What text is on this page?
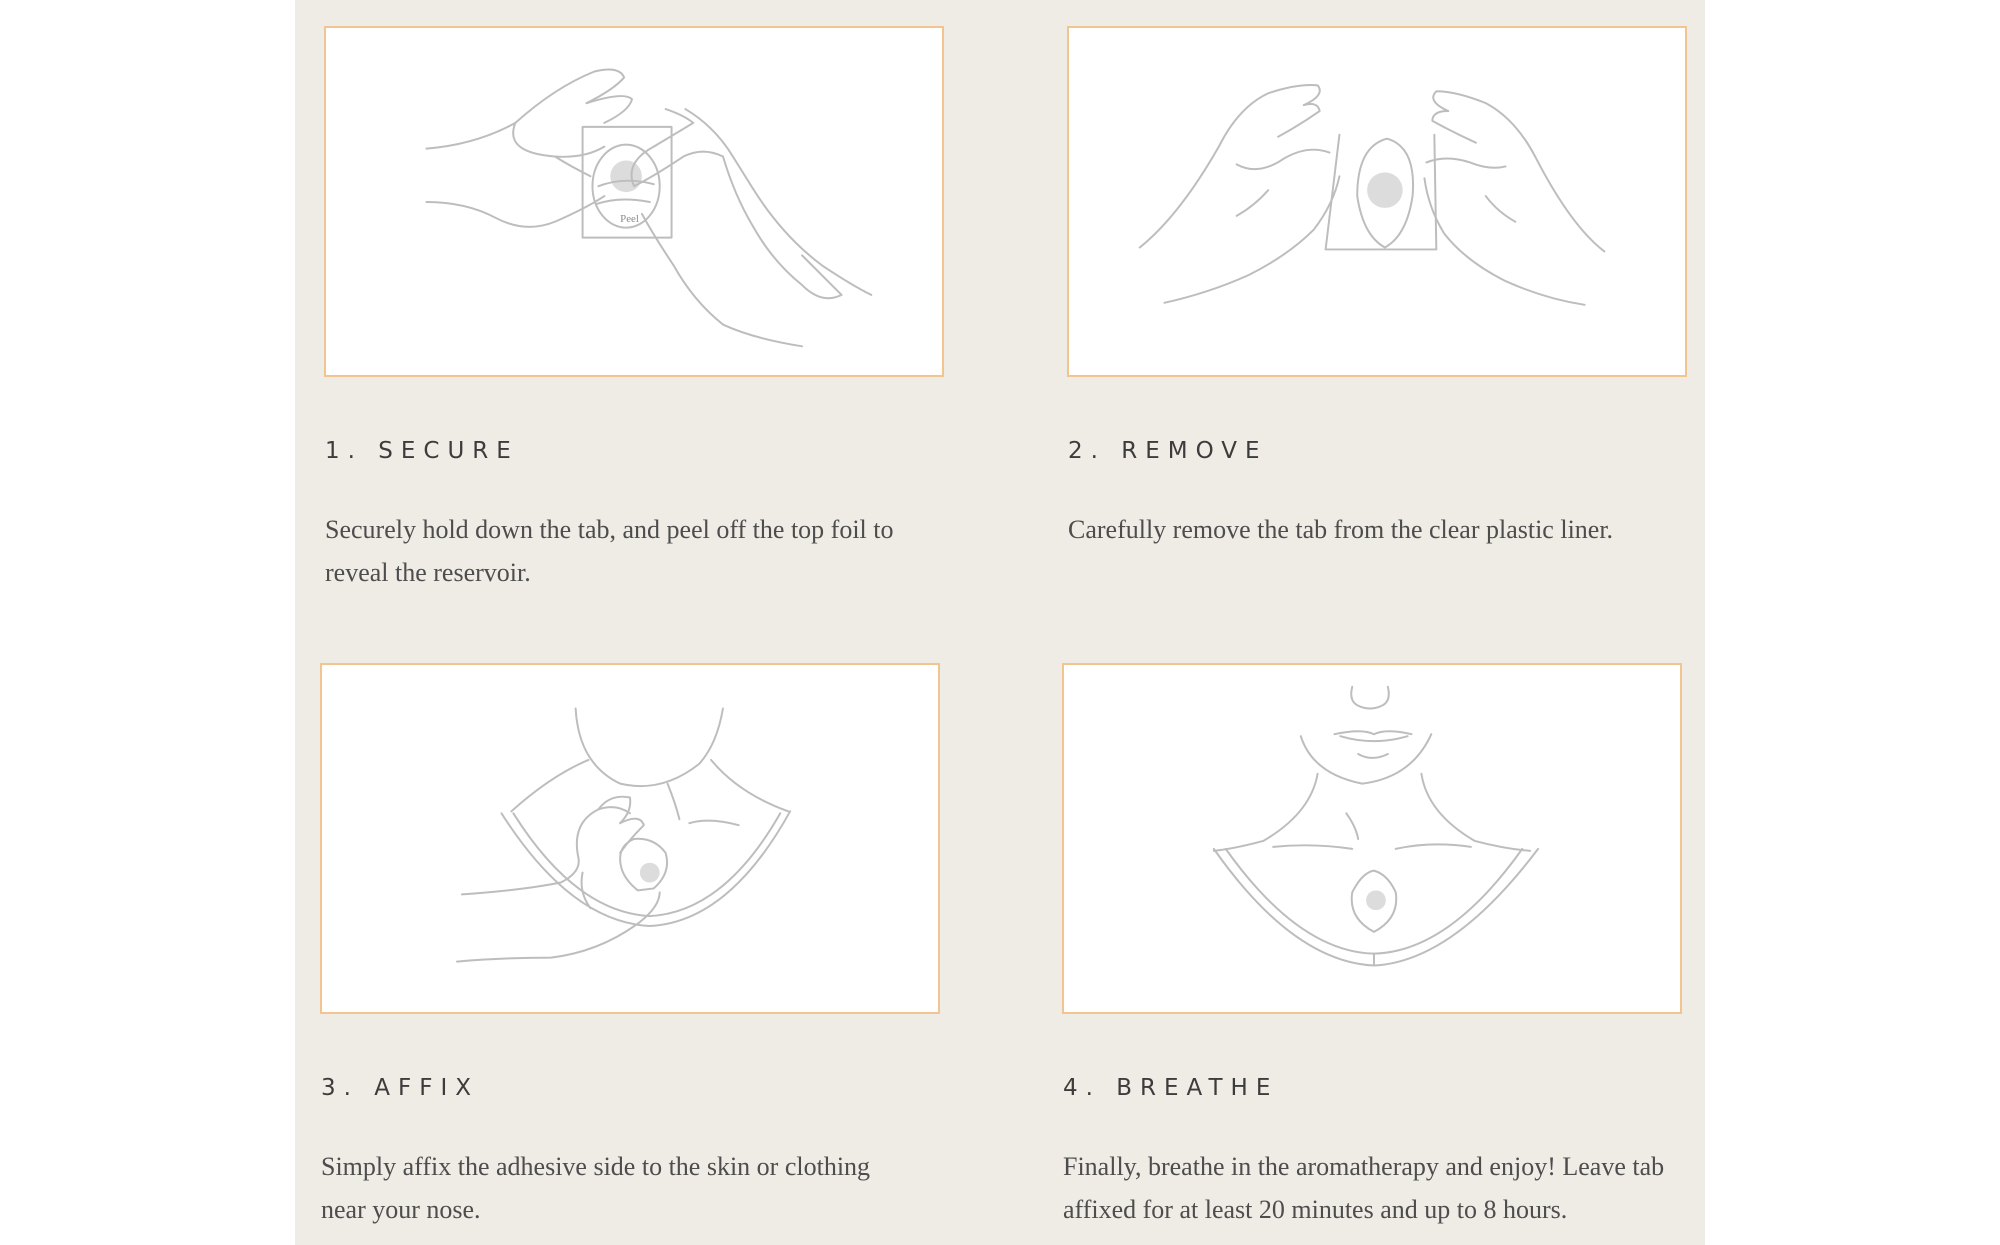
Peel
1. SECURE
Securely hold down the tab, and peel off the top foil to reveal the reservoir.
2. REMOVE
Carefully remove the tab from the clear plastic liner.
3. AFFIX
Simply affix the adhesive side to the skin or clothing near your nose.
4. BREATHE
Finally, breathe in the aromatherapy and enjoy! Leave tab affixed for at least 20 minutes and up to 8 hours.
